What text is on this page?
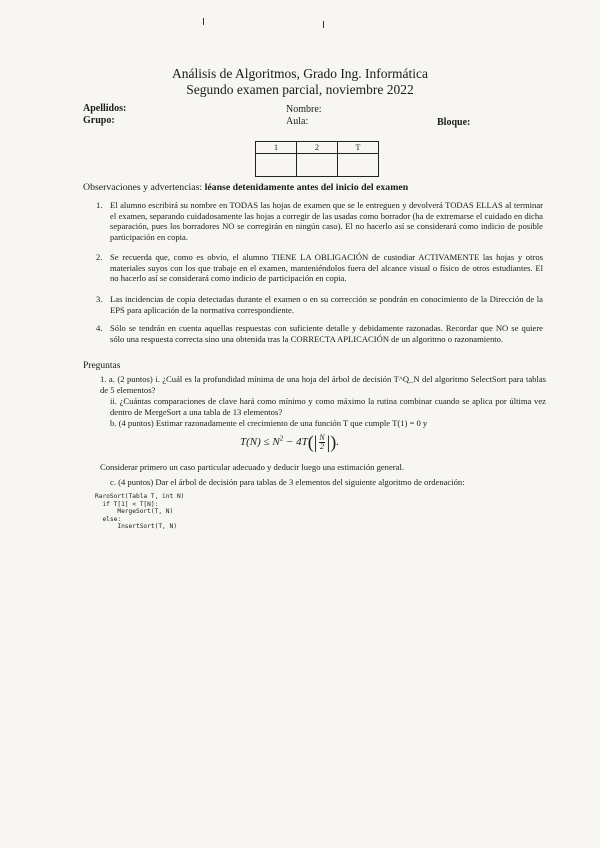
Análisis de Algoritmos, Grado Ing. Informática
Segundo examen parcial, noviembre 2022
Apellidos:
Grupo:
Nombre:
Aula:	Bloque:
1	2	T

Observaciones y advertencias: léanse detenidamente antes del inicio del examen
1. El alumno escribirá su nombre en TODAS las hojas de examen que se le entreguen y devolverá TODAS ELLAS al terminar el examen, separando cuidadosamente las hojas a corregir de las usadas como borrador (ha de extremarse el cuidado en dicha separación, pues los borradores NO se corregirán en ningún caso). El no hacerlo así se considerará como indicio de posible participación en copia.
2. Se recuerda que, como es obvio, el alumno TIENE LA OBLIGACIÓN de custodiar ACTIVAMENTE las hojas y otros materiales suyos con los que trabaje en el examen, manteniéndolos fuera del alcance visual o físico de otros estudiantes. El no hacerlo así se considerará como indicio de participación en copia.
3. Las incidencias de copia detectadas durante el examen o en su corrección se pondrán en conocimiento de la Dirección de la EPS para aplicación de la normativa correspondiente.
4. Sólo se tendrán en cuenta aquellas respuestas con suficiente detalle y debidamente razonadas. Recordar que NO se quiere sólo una respuesta correcta sino una obtenida tras la CORRECTA APLICACIÓN de un algoritmo o razonamiento.
Preguntas
1. a. (2 puntos) i. ¿Cuál es la profundidad mínima de una hoja del árbol de decisión T^Q_N del algoritmo SelectSort para tablas de 5 elementos?
ii. ¿Cuántas comparaciones de clave hará como mínimo y como máximo la rutina combinar cuando se aplica por última vez dentro de MergeSort a una tabla de 13 elementos?
b. (4 puntos) Estimar razonadamente el crecimiento de una función T que cumple T(1) = 0 y
$T(N) \le N^2 - 4T(| \frac{N}{2}$ |).
Considerar primero un caso particular adecuado y deducir luego una estimación general.
c. (4 puntos) Dar el árbol de decisión para tablas de 3 elementos del siguiente algoritmo de ordenación:
RaroSort(Tabla T, int N)
if T[1] < T[N]:
MergeSort(T, N)
else:
InsertSort(T, N)
